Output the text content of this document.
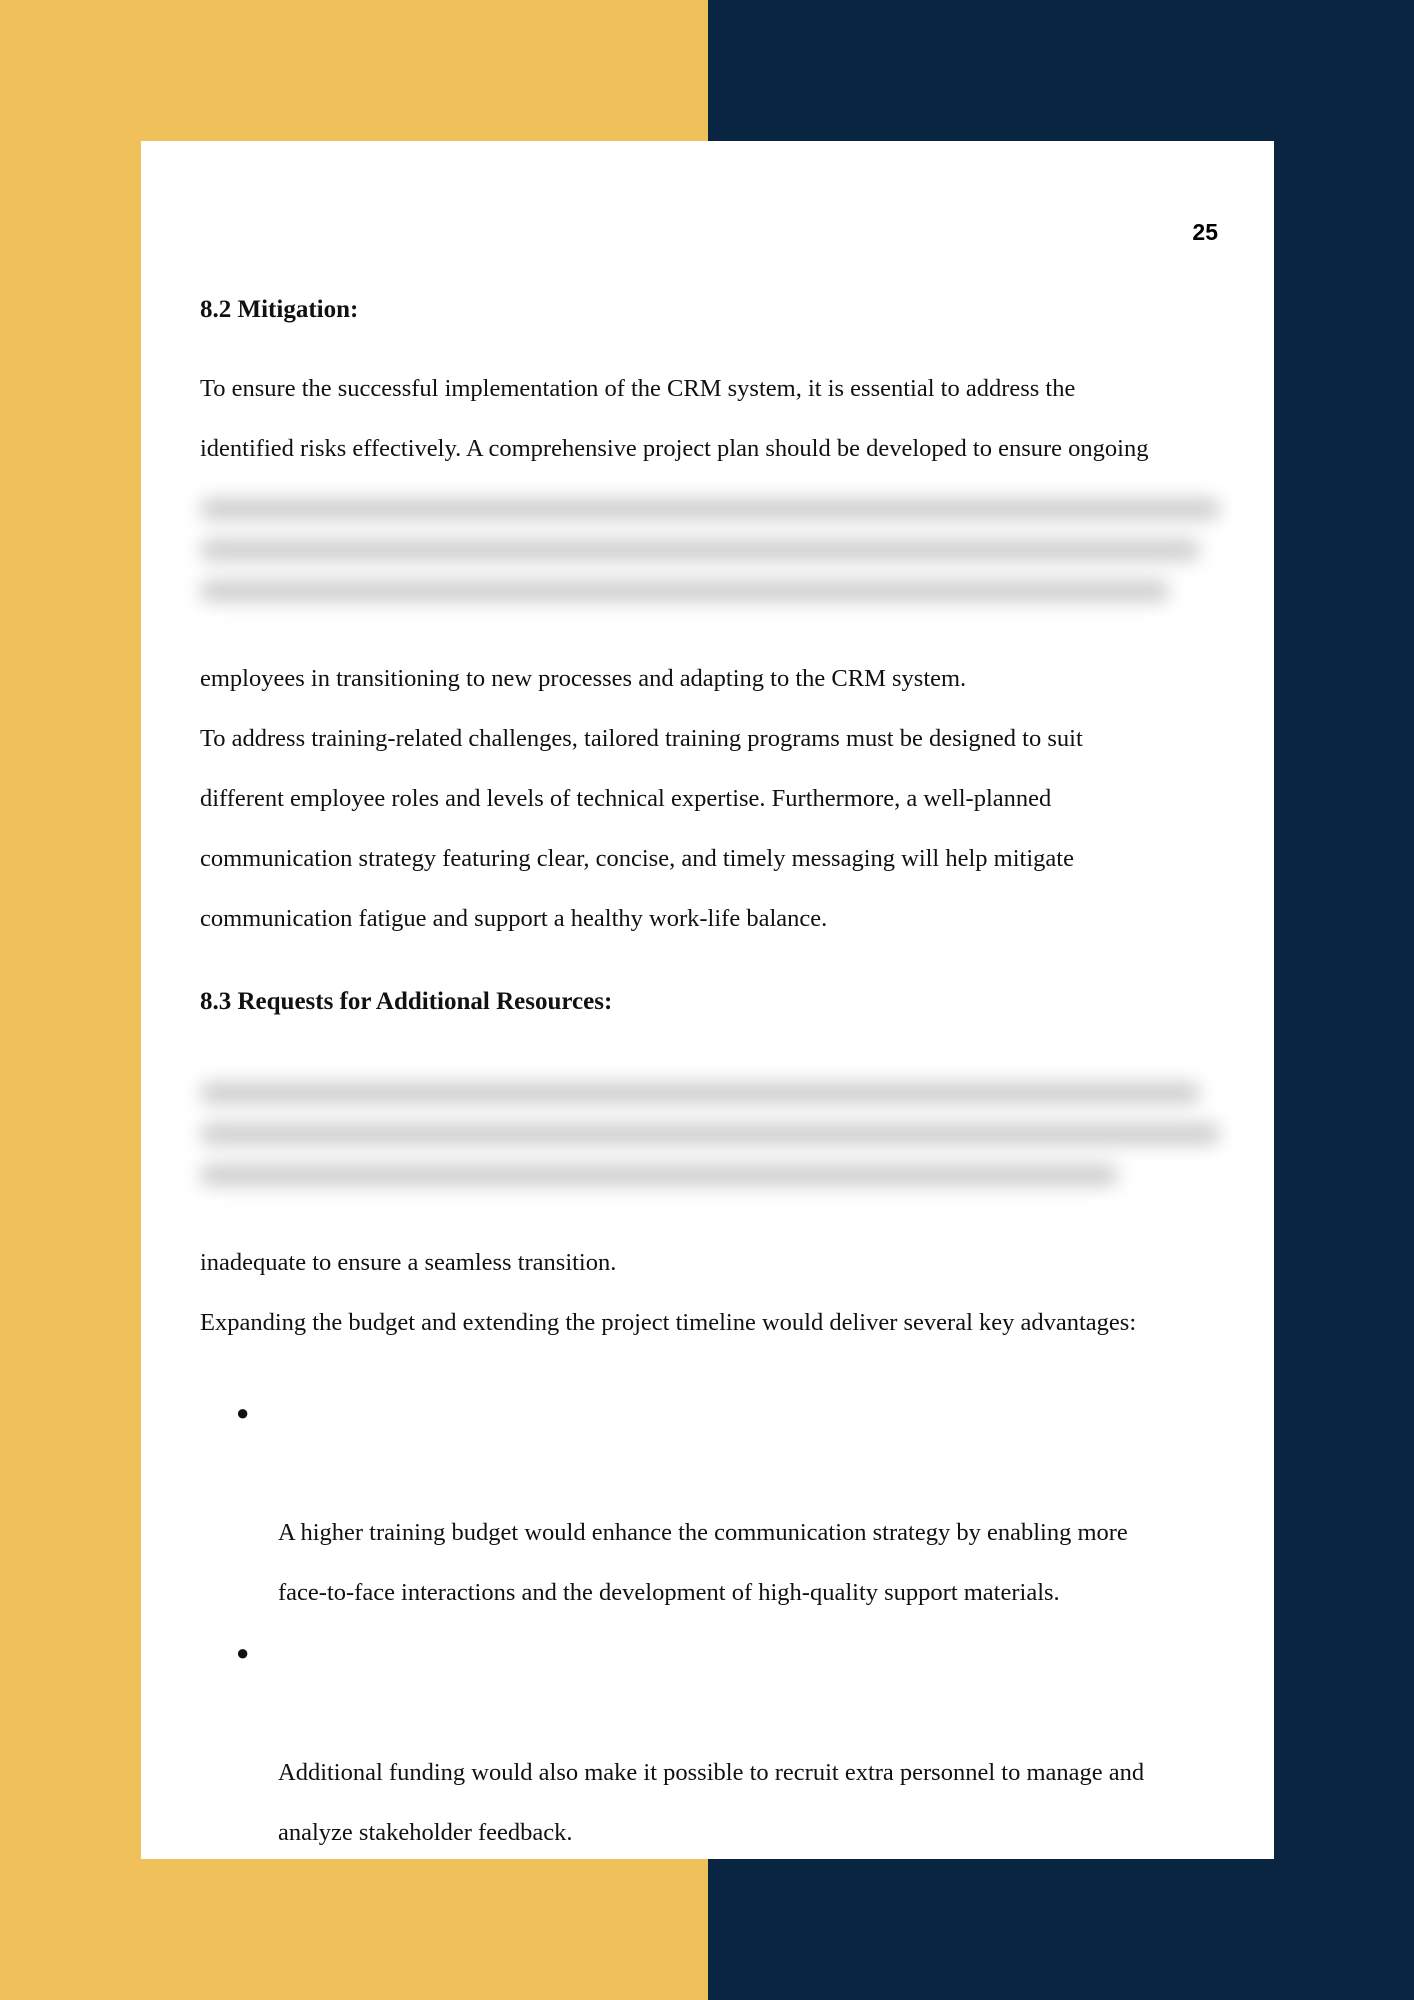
25
8.2 Mitigation:
To ensure the successful implementation of the CRM system, it is essential to address the
identified risks effectively. A comprehensive project plan should be developed to ensure ongoing

employees in transitioning to new processes and adapting to the CRM system.

To address training-related challenges, tailored training programs must be designed to suit
different employee roles and levels of technical expertise. Furthermore, a well-planned
communication strategy featuring clear, concise, and timely messaging will help mitigate
communication fatigue and support a healthy work-life balance.
8.3 Requests for Additional Resources:

inadequate to ensure a seamless transition.

Expanding the budget and extending the project timeline would deliver several key advantages:

●

A higher training budget would enhance the communication strategy by enabling more
face-to-face interactions and the development of high-quality support materials.

●

Additional funding would also make it possible to recruit extra personnel to manage and
analyze stakeholder feedback.
